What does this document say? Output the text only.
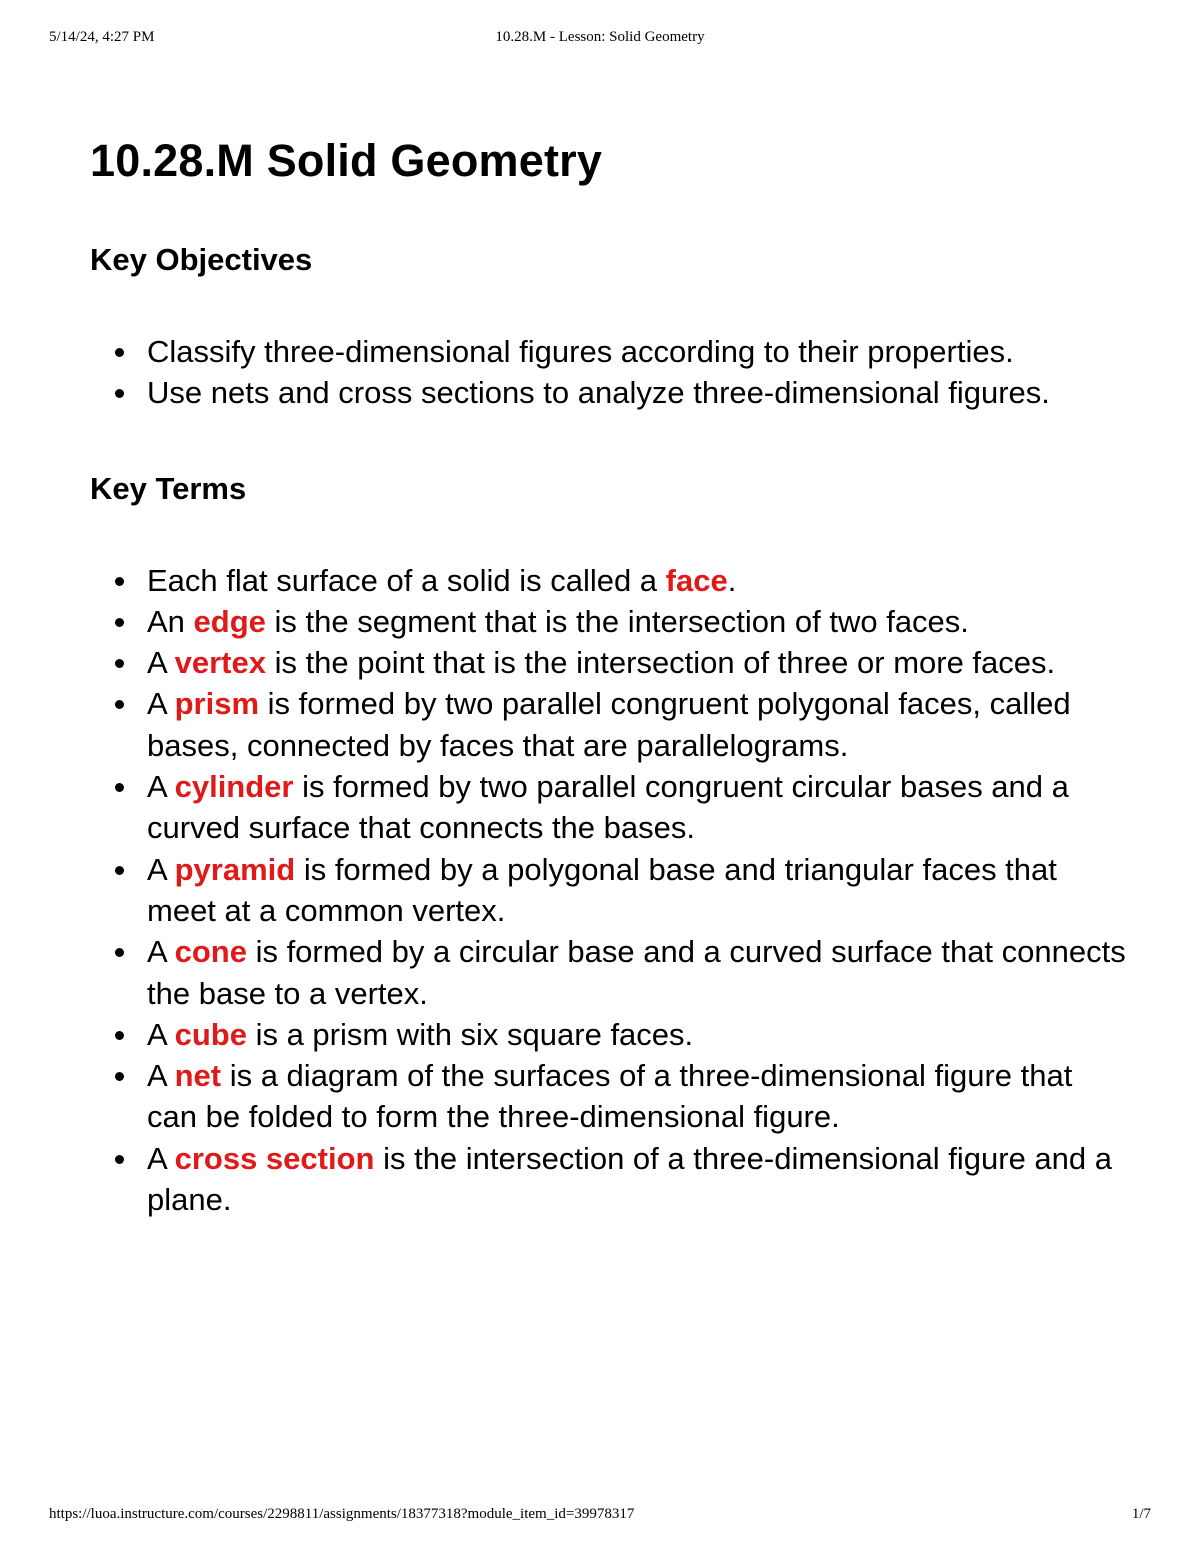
5/14/24, 4:27 PM	10.28.M - Lesson: Solid Geometry
10.28.M Solid Geometry
Key Objectives
Classify three-dimensional figures according to their properties.
Use nets and cross sections to analyze three-dimensional figures.
Key Terms
Each flat surface of a solid is called a face.
An edge is the segment that is the intersection of two faces.
A vertex is the point that is the intersection of three or more faces.
A prism is formed by two parallel congruent polygonal faces, called bases, connected by faces that are parallelograms.
A cylinder is formed by two parallel congruent circular bases and a curved surface that connects the bases.
A pyramid is formed by a polygonal base and triangular faces that meet at a common vertex.
A cone is formed by a circular base and a curved surface that connects the base to a vertex.
A cube is a prism with six square faces.
A net is a diagram of the surfaces of a three-dimensional figure that can be folded to form the three-dimensional figure.
A cross section is the intersection of a three-dimensional figure and a plane.
https://luoa.instructure.com/courses/2298811/assignments/18377318?module_item_id=39978317	1/7
